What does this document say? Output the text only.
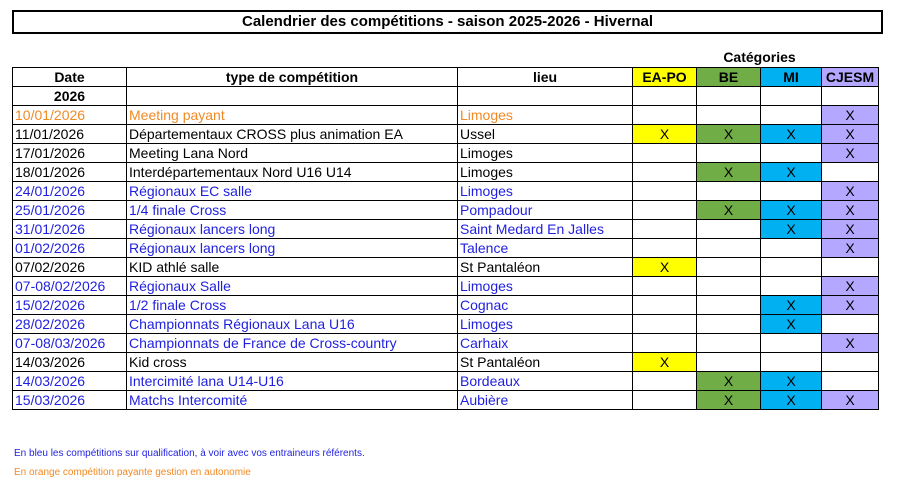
Calendrier des compétitions - saison 2025-2026 - Hivernal
Catégories
Date	type de compétition	lieu	EA-PO	BE	MI	CJESM
2026						
10/01/2026	Meeting payant	Limoges				X
11/01/2026	Départementaux CROSS plus animation EA	Ussel	X	X	X	X
17/01/2026	Meeting Lana Nord	Limoges				X
18/01/2026	Interdépartementaux Nord U16 U14	Limoges		X	X	
24/01/2026	Régionaux EC salle	Limoges				X
25/01/2026	1/4 finale Cross	Pompadour		X	X	X
31/01/2026	Régionaux lancers long	Saint Medard En Jalles			X	X
01/02/2026	Régionaux lancers long	Talence				X
07/02/2026	KID athlé salle	St Pantaléon	X			
07-08/02/2026	Régionaux Salle	Limoges				X
15/02/2026	1/2 finale Cross	Cognac			X	X
28/02/2026	Championnats Régionaux Lana U16	Limoges			X	
07-08/03/2026	Championnats de France de Cross-country	Carhaix				X
14/03/2026	Kid cross	St Pantaléon	X			
14/03/2026	Intercimité lana U14-U16	Bordeaux		X	X	
15/03/2026	Matchs Intercomité	Aubière		X	X	X
En bleu les compétitions sur qualification, à voir avec vos entraineurs référents.
En orange compétition payante gestion en autonomie
